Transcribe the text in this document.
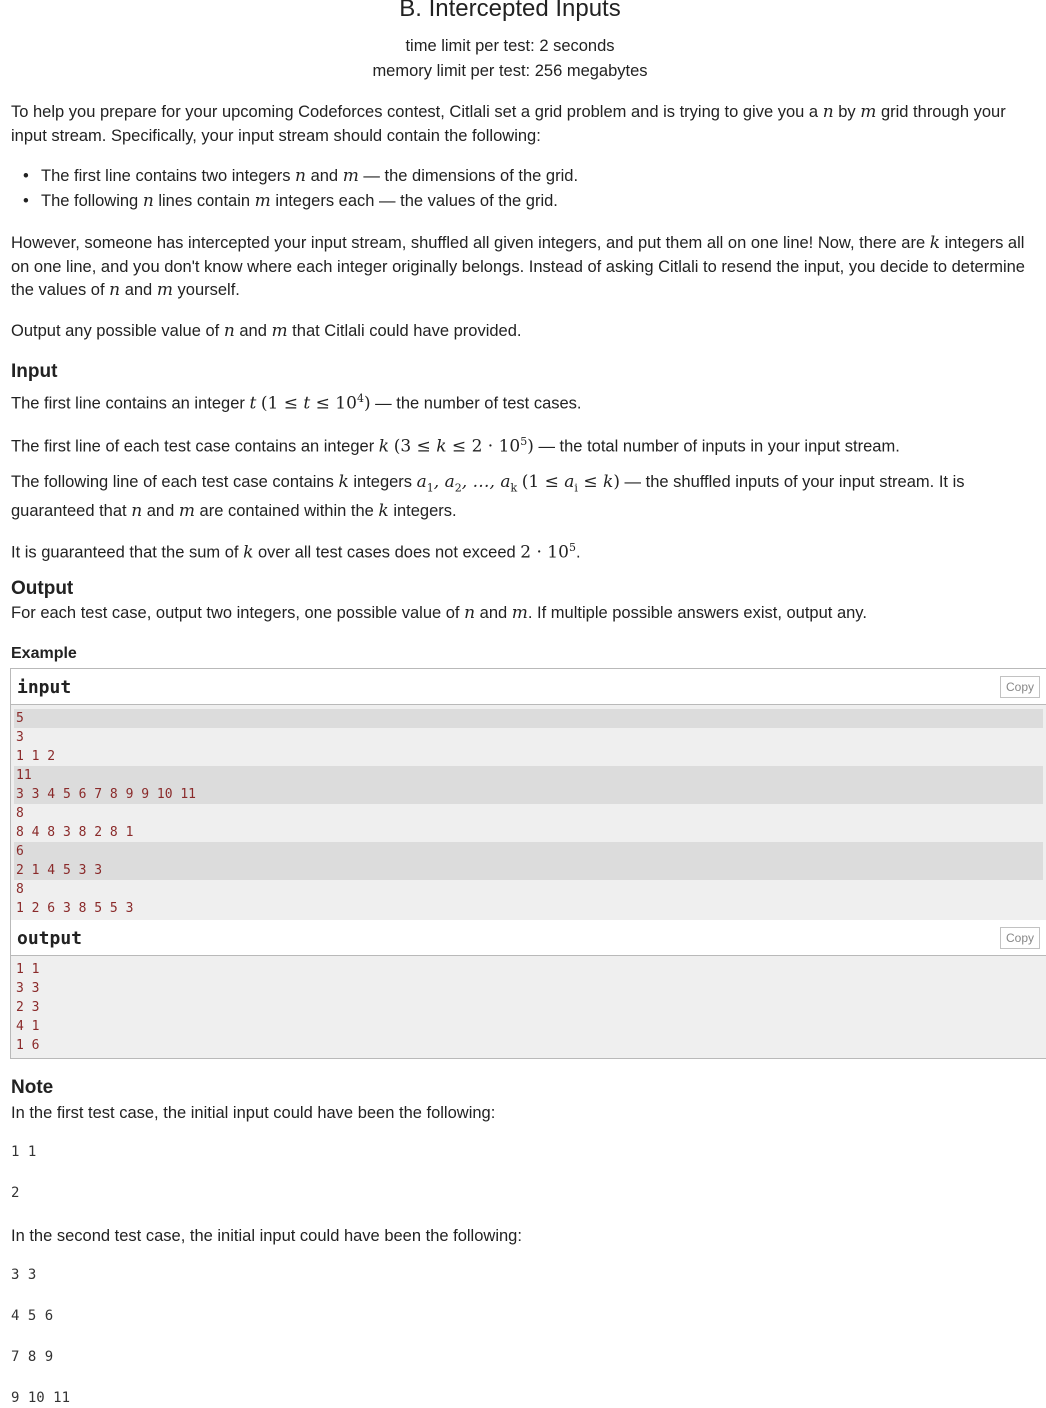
B. Intercepted Inputs
time limit per test: 2 seconds
memory limit per test: 256 megabytes

To help you prepare for your upcoming Codeforces contest, Citlali set a grid problem and is trying to give you a n by m grid through your input stream. Specifically, your input stream should contain the following:

• The first line contains two integers n and m — the dimensions of the grid.
• The following n lines contain m integers each — the values of the grid.

However, someone has intercepted your input stream, shuffled all given integers, and put them all on one line! Now, there are k integers all on one line, and you don't know where each integer originally belongs. Instead of asking Citlali to resend the input, you decide to determine the values of n and m yourself.

Output any possible value of n and m that Citlali could have provided.

Input

The first line contains an integer t $(1 \le t \le 10^4)$ — the number of test cases.

The first line of each test case contains an integer k $(3 \le k \le 2 \cdot 10^5)$ — the total number of inputs in your input stream.

The following line of each test case contains k integers $a_1$, $a_2$, …, $a_k$ $(1 \le a_i \le k)$ — the shuffled inputs of your input stream. It is guaranteed that n and m are contained within the k integers.

It is guaranteed that the sum of k over all test cases does not exceed $2 \cdot 10^5$.

Output

For each test case, output two integers, one possible value of n and m. If multiple possible answers exist, output any.

Example
input	Copy
5
3
1 1 2
11
3 3 4 5 6 7 8 9 9 10 11
8
8 4 8 3 8 2 8 1
6
2 1 4 5 3 3
8
1 2 6 3 8 5 5 3
output	Copy
1 1
3 3
2 3
4 1
1 6
Note

In the first test case, the initial input could have been the following:

1 1
2

In the second test case, the initial input could have been the following:

3 3
4 5 6
7 8 9
9 10 11
